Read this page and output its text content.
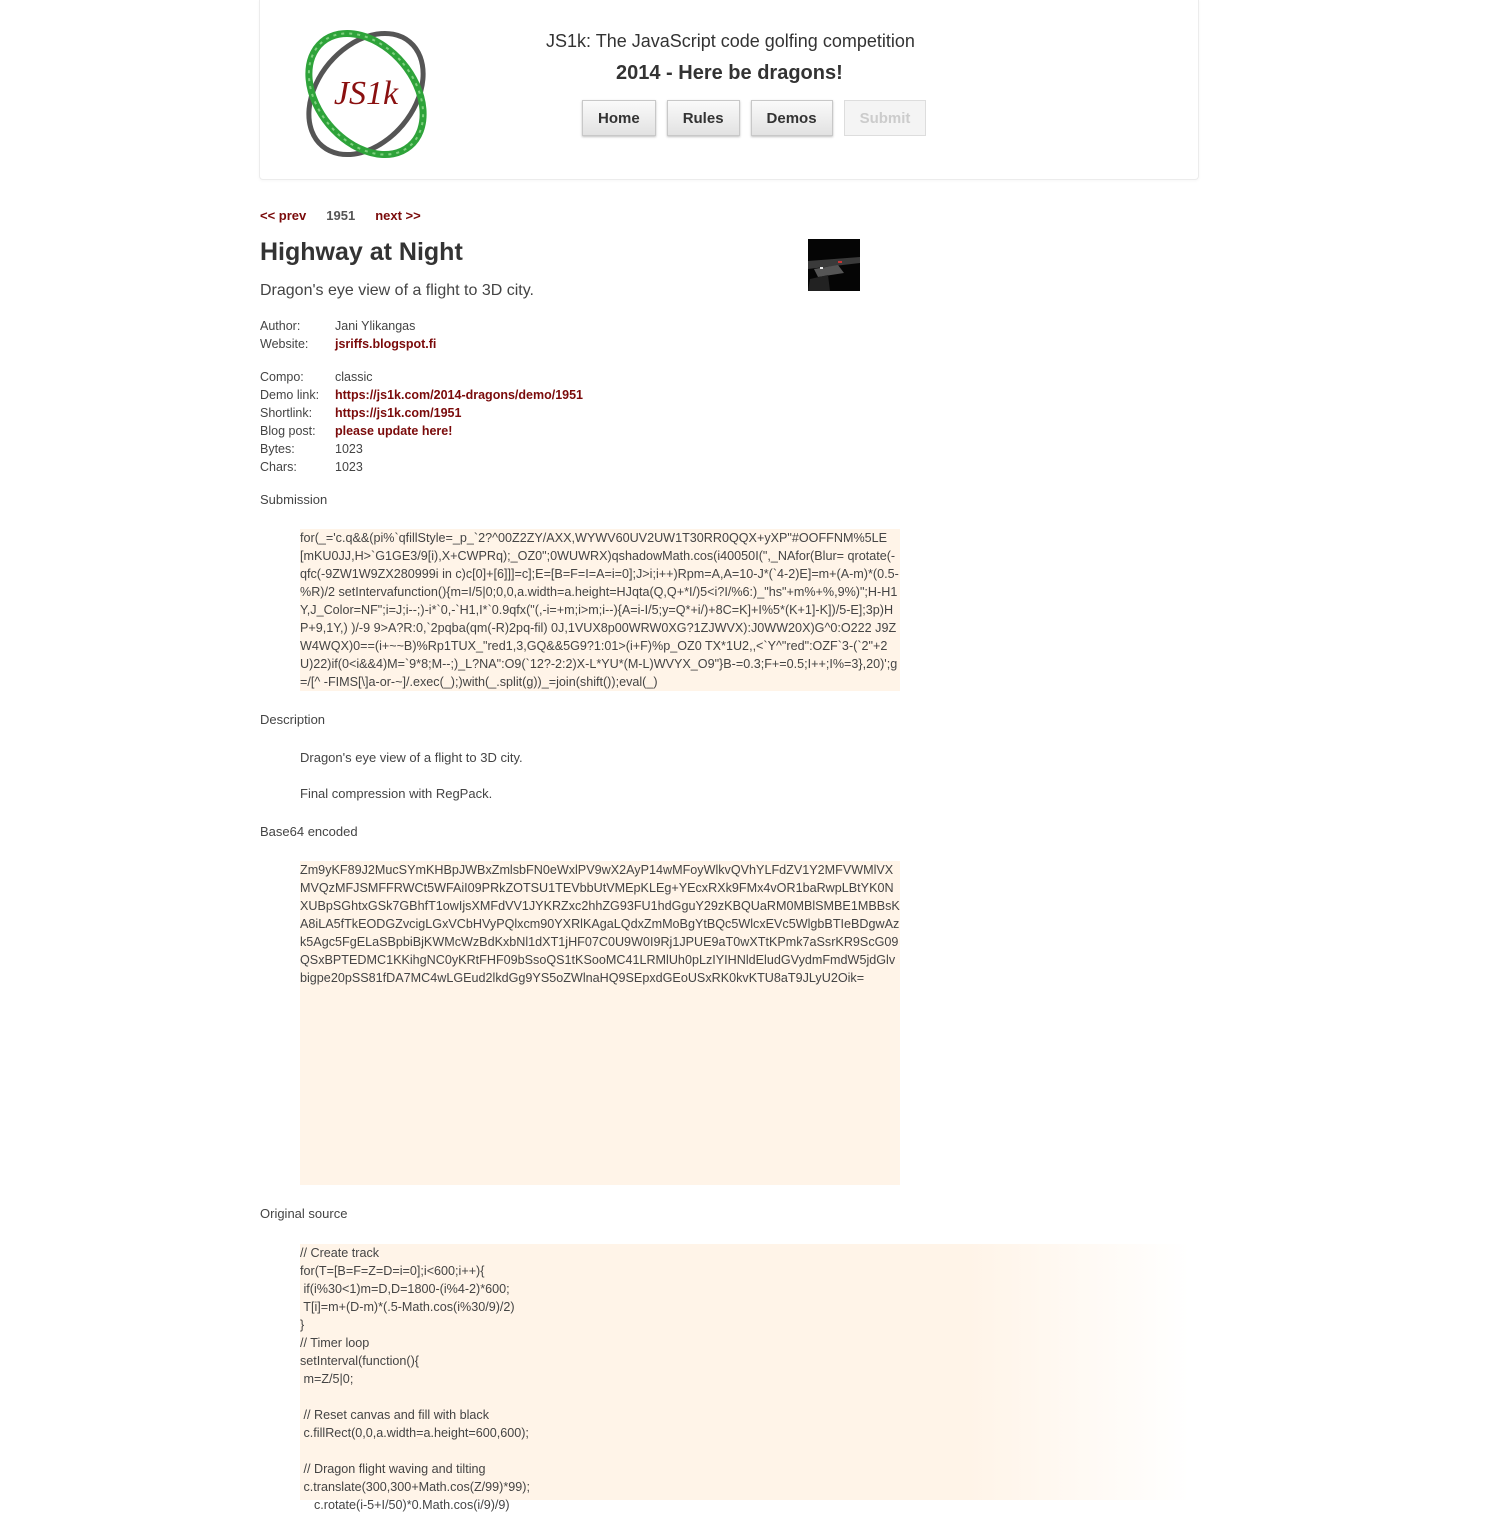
JS1k
JS1k: The JavaScript code golfing competition
2014 - Here be dragons!
Home	Rules	Demos	Submit
<< prev 1951 next >>
Highway at Night
Dragon's eye view of a flight to 3D city.
Author:	Jani Ylikangas
Website:	jsriffs.blogspot.fi
Compo:	classic
Demo link:	https://js1k.com/2014-dragons/demo/1951
Shortlink:	https://js1k.com/1951
Blog post:	please update here!
Bytes:	1023
Chars:	1023
Submission
for(_='c.q&&(pi%`qfillStyle=_p_`2?^00Z2ZY/AXX,WYWV60UV2UW1T30RR0QQX+yXP"#OOFFNM%5LE[mKU0JJ,H>`G1GE3/9[i),X+CWPRq);_OZ0";0WUWRX)qshadowMath.cos(i40050I(",_NAfor(Blur= qrotate(-qfc(-9ZW1W9ZX280999i in c)c[0]+[6]]]=c];E=[B=F=I=A=i=0];J>i;i++)Rpm=A,A=10-J*(`4-2)E]=m+(A-m)*(0.5-%R)/2 setIntervafunction(){m=I/5|0;0,0,a.width=a.height=HJqta(Q,Q+*I/)5<i?I/%6:)_"hs"+m%+%,9%)";H-H1Y,J_Color=NF";i=J;i--;)-i*`0,-`H1,I*`0.9qfx("(,-i=+m;i>m;i--){A=i-I/5;y=Q*+i/)+8C=K]+I%5*(K+1]-K])/5-E];3p)HP+9,1Y,) )/-9 9>A?R:0,`2pqba(qm(-R)2pq-fil) 0J,1VUX8p00WRW0XG?1ZJWVX):J0WW20X)G^0:O222 J9ZW4WQX)0==(i+~~B)%Rp1TUX_"red1,3,GQ&&5G9?1:01>(i+F)%p_OZ0 TX*1U2,,<`Y^"red":OZF`3-(`2"+2U)22)if(0<i&&4)M=`9*8;M--;)_L?NA":O9(`12?-2:2)X-L*YU*(M-L)WVYX_O9"}B-=0.3;F+=0.5;I++;I%=3},20)';g=/[^ -FIMS[\]a-or-~]/.exec(_);)with(_.split(g))_=join(shift());eval(_)
Description
Dragon's eye view of a flight to 3D city.
Final compression with RegPack.
Base64 encoded
Zm9yKF89J2MucSYmKHBpJWBxZmlsbFN0eWxlPV9wX2AyP14wMFoyWlkvQVhYLFdZV1Y2MFVWMlVXMVQzMFJSMFFRWCt5WFAiI09PRkZOTSU1TEVbbUtVMEpKLEg+YEcxRXk9FMx4vOR1baRwpLBtYK0NXUBpSGhtxGSk7GBhfT1owIjsXMFdVV1JYKRZxc2hhZG93FU1hdGguY29zKBQUaRM0MBlSMBE1MBBsKA8iLA5fTkEODGZvcigLGxVCbHVyPQlxcm90YXRlKAgaLQdxZmMoBgYtBQc5WlcxEVc5WlgbBTIeBDgwAzk5Agc5FgELaSBpbiBjKWMcWzBdKxbNl1dXT1jHF07C0U9W0I9Rj1JPUE9aT0wXTtKPmk7aSsrKR9ScG09QSxBPTEDMC1KKihgNC0yKRtFHF09bSsoQS1tKSooMC41LRMlUh0pLzIYIHNldEludGVydmFmdW5jdGlvbigpe20pSS81fDA7MC4wLGEud2lkdGg9YS5oZWlnaHQ9SEpxdGEoUSxRK0kvKTU8aT9JLyU2Oik=
Original source
// Create track
for(T=[B=F=Z=D=i=0];i<600;i++){
if(i%30<1)m=D,D=1800-(i%4-2)*600;
T[i]=m+(D-m)*(.5-Math.cos(i%30/9)/2)
}
// Timer loop
setInterval(function(){
m=Z/5|0;
// Reset canvas and fill with black
c.fillRect(0,0,a.width=a.height=600,600);
// Dragon flight waving and tilting
c.translate(300,300+Math.cos(Z/99)*99);
c.rotate(i-5+I/50)*0.Math.cos(i/9)/9)
